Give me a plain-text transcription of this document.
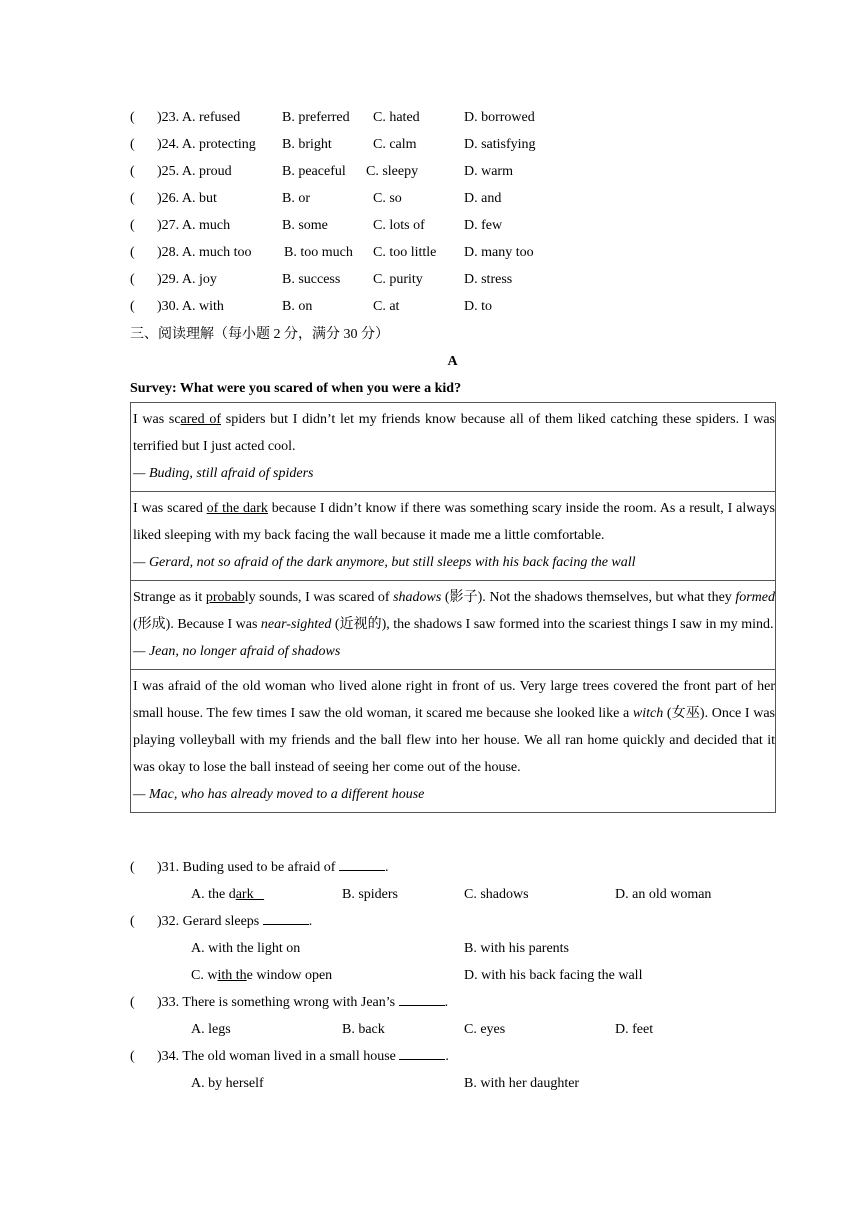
( )23. A. refused	B. preferred C. hated	D. borrowed
( )24. A. protecting B. bright	C. calm	D. satisfying
( )25. A. proud	B. peaceful C. sleepy	D. warm
( )26. A. but	B. or	C. so	D. and
( )27. A. much	B. some	C. lots of	D. few
( )28. A. much too B. too much C. too little D. many too
( )29. A. joy	B. success C. purity	D. stress
( )30. A. with	B. on	C. at	D. to
三、阅读理解（每小题 2 分，满分 30 分）
A
Survey: What were you scared of when you were a kid?
I was scared of spiders but I didn’t let my friends know because all of them liked catching these spiders. I was terrified but I just acted cool.
— Buding, still afraid of spiders
I was scared of the dark because I didn’t know if there was something scary inside the room. As a result, I always liked sleeping with my back facing the wall because it made me a little comfortable.
— Gerard, not so afraid of the dark anymore, but still sleeps with his back facing the wall
Strange as it probably sounds, I was scared of shadows (影子). Not the shadows themselves, but what they formed (形成). Because I was near-sighted (近视的), the shadows I saw formed into the scariest things I saw in my mind.
— Jean, no longer afraid of shadows
I was afraid of the old woman who lived alone right in front of us. Very large trees covered the front part of her small house. The few times I saw the old woman, it scared me because she looked like a witch (女巫). Once I was playing volleyball with my friends and the ball flew into her house. We all ran home quickly and decided that it was okay to lose the ball instead of seeing her come out of the house.
— Mac, who has already moved to a different house
( )31. Buding used to be afraid of	.
A. the dark	B. spiders	C. shadows	D. an old woman
( )32. Gerard sleeps	.
A. with the light on	B. with his parents
C. with the window open	D. with his back facing the wall
( )33. There is something wrong with Jean’s	.
A. legs	B. back	C. eyes	D. feet
( )34. The old woman lived in a small house	.
A. by herself	B. with her daughter
